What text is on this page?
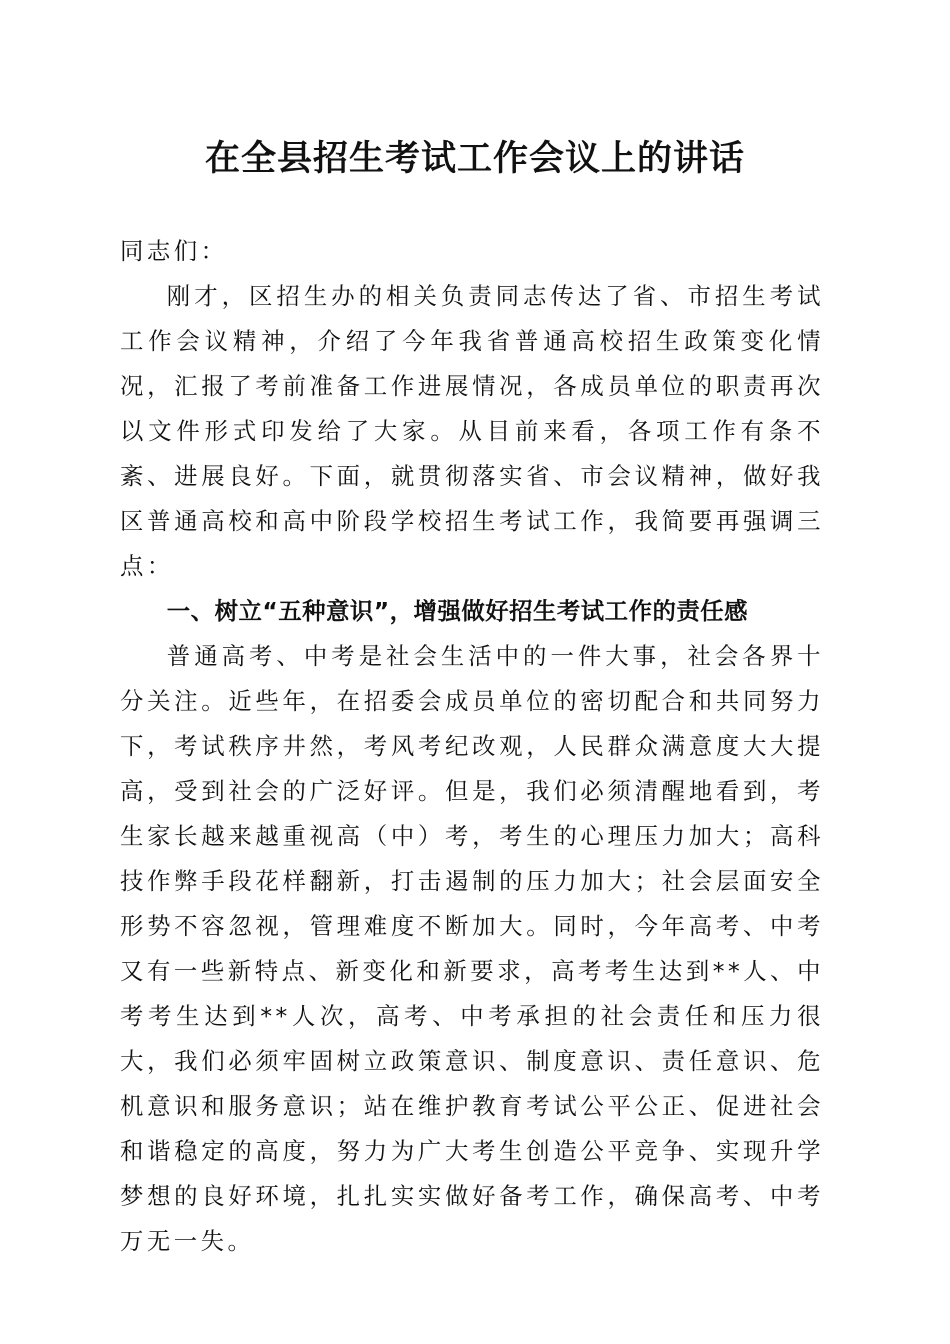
在全县招生考试工作会议上的讲话

同志们：

刚才，区招生办的相关负责同志传达了省、市招生考试工作会议精神，介绍了今年我省普通高校招生政策变化情况，汇报了考前准备工作进展情况，各成员单位的职责再次以文件形式印发给了大家。从目前来看，各项工作有条不紊、进展良好。下面，就贯彻落实省、市会议精神，做好我区普通高校和高中阶段学校招生考试工作，我简要再强调三点：

一、树立“五种意识”，增强做好招生考试工作的责任感

普通高考、中考是社会生活中的一件大事，社会各界十分关注。近些年，在招委会成员单位的密切配合和共同努力下，考试秩序井然，考风考纪改观，人民群众满意度大大提高，受到社会的广泛好评。但是，我们必须清醒地看到，考生家长越来越重视高（中）考，考生的心理压力加大；高科技作弊手段花样翻新，打击遏制的压力加大；社会层面安全形势不容忽视，管理难度不断加大。同时，今年高考、中考又有一些新特点、新变化和新要求，高考考生达到**人、中考考生达到**人次，高考、中考承担的社会责任和压力很大，我们必须牢固树立政策意识、制度意识、责任意识、危机意识和服务意识；站在维护教育考试公平公正、促进社会和谐稳定的高度，努力为广大考生创造公平竞争、实现升学梦想的良好环境，扎扎实实做好备考工作，确保高考、中考万无一失。
